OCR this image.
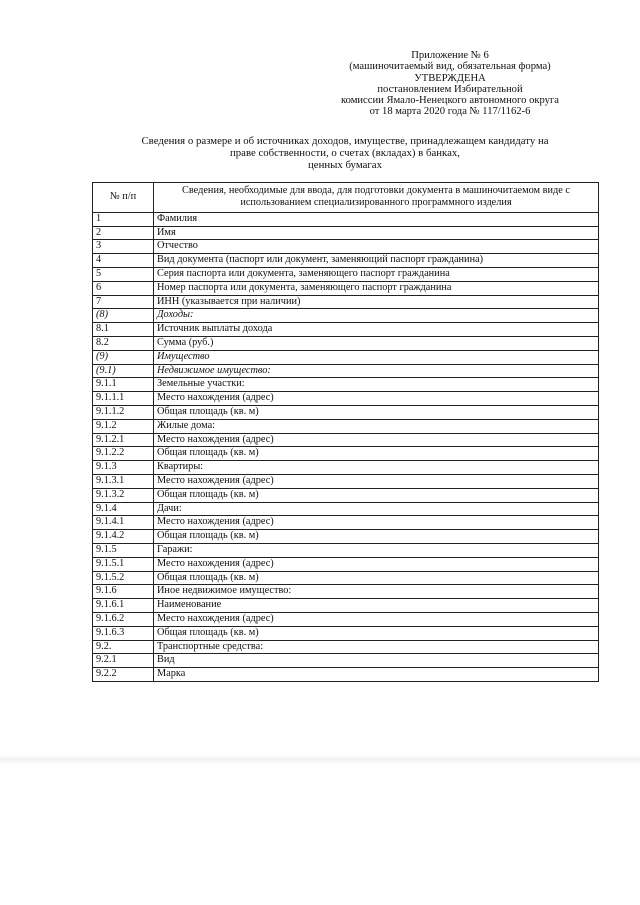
Приложение № 6
(машиночитаемый вид, обязательная форма)
УТВЕРЖДЕНА
постановлением Избирательной
комиссии Ямало-Ненецкого автономного округа
от 18 марта 2020 года № 117/1162-6
Сведения о размере и об источниках доходов, имуществе, принадлежащем кандидату на
праве собственности, о счетах (вкладах) в банках,
ценных бумагах
№ п/п	Сведения, необходимые для ввода, для подготовки документа в машиночитаемом виде с использованием специализированного программного изделия
1	Фамилия
2	Имя
3	Отчество
4	Вид документа (паспорт или документ, заменяющий паспорт гражданина)
5	Серия паспорта или документа, заменяющего паспорт гражданина
6	Номер паспорта или документа, заменяющего паспорт гражданина
7	ИНН (указывается при наличии)
(8)	Доходы:
8.1	Источник выплаты дохода
8.2	Сумма (руб.)
(9)	Имущество
(9.1)	Недвижимое имущество:
9.1.1	Земельные участки:
9.1.1.1	Место нахождения (адрес)
9.1.1.2	Общая площадь (кв. м)
9.1.2	Жилые дома:
9.1.2.1	Место нахождения (адрес)
9.1.2.2	Общая площадь (кв. м)
9.1.3	Квартиры:
9.1.3.1	Место нахождения (адрес)
9.1.3.2	Общая площадь (кв. м)
9.1.4	Дачи:
9.1.4.1	Место нахождения (адрес)
9.1.4.2	Общая площадь (кв. м)
9.1.5	Гаражи:
9.1.5.1	Место нахождения (адрес)
9.1.5.2	Общая площадь (кв. м)
9.1.6	Иное недвижимое имущество:
9.1.6.1	Наименование
9.1.6.2	Место нахождения (адрес)
9.1.6.3	Общая площадь (кв. м)
9.2.	Транспортные средства:
9.2.1	Вид
9.2.2	Марка
